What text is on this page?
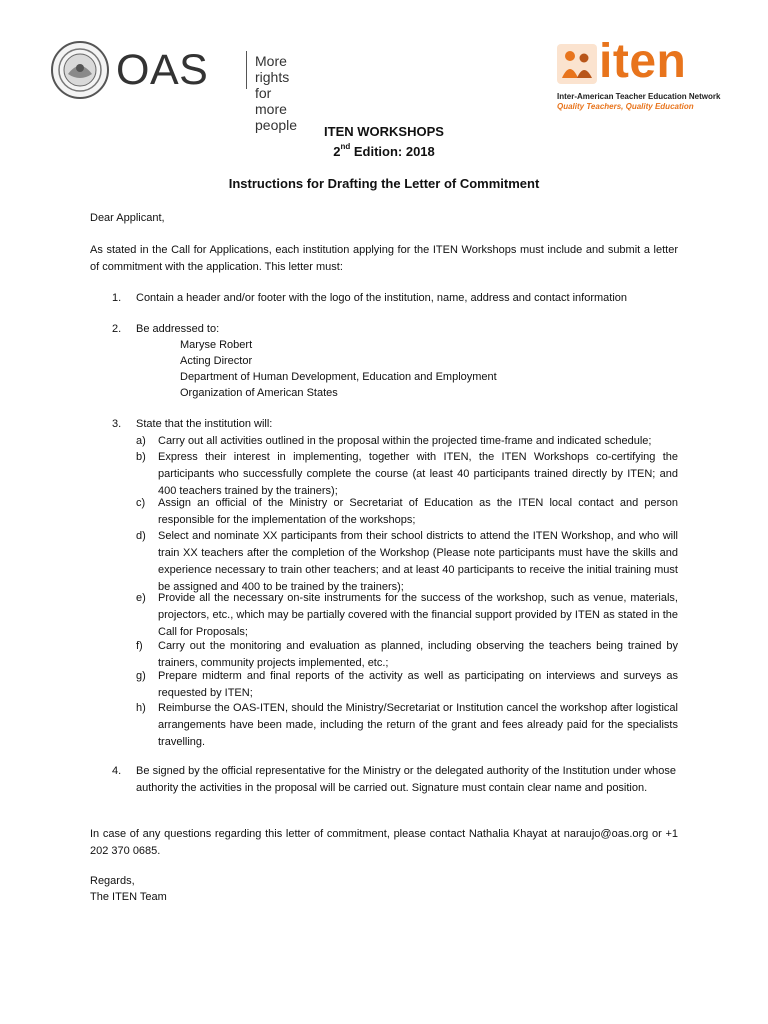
OAS	More rights
for more people
iten
Inter-American Teacher Education Network
Quality Teachers, Quality Education
ITEN WORKSHOPS
2nd Edition: 2018
Instructions for Drafting the Letter of Commitment
Dear Applicant,
As stated in the Call for Applications, each institution applying for the ITEN Workshops must include and submit a letter of commitment with the application. This letter must:
1. Contain a header and/or footer with the logo of the institution, name, address and contact information
2. Be addressed to:
Maryse Robert
Acting Director
Department of Human Development, Education and Employment
Organization of American States
3. State that the institution will:
a) Carry out all activities outlined in the proposal within the projected time-frame and indicated schedule;
b) Express their interest in implementing, together with ITEN, the ITEN Workshops co-certifying the participants who successfully complete the course (at least 40 participants trained directly by ITEN; and 400 teachers trained by the trainers);
c) Assign an official of the Ministry or Secretariat of Education as the ITEN local contact and person responsible for the implementation of the workshops;
d) Select and nominate XX participants from their school districts to attend the ITEN Workshop, and who will train XX teachers after the completion of the Workshop (Please note participants must have the skills and experience necessary to train other teachers; and at least 40 participants to receive the initial training must be assigned and 400 to be trained by the trainers);
e) Provide all the necessary on-site instruments for the success of the workshop, such as venue, materials, projectors, etc., which may be partially covered with the financial support provided by ITEN as stated in the Call for Proposals;
f) Carry out the monitoring and evaluation as planned, including observing the teachers being trained by trainers, community projects implemented, etc.;
g) Prepare midterm and final reports of the activity as well as participating on interviews and surveys as requested by ITEN;
h) Reimburse the OAS-ITEN, should the Ministry/Secretariat or Institution cancel the workshop after logistical arrangements have been made, including the return of the grant and fees already paid for the specialists travelling.
4. Be signed by the official representative for the Ministry or the delegated authority of the Institution under whose authority the activities in the proposal will be carried out. Signature must contain clear name and position.
In case of any questions regarding this letter of commitment, please contact Nathalia Khayat at naraujo@oas.org or +1 202 370 0685.
Regards,
The ITEN Team
